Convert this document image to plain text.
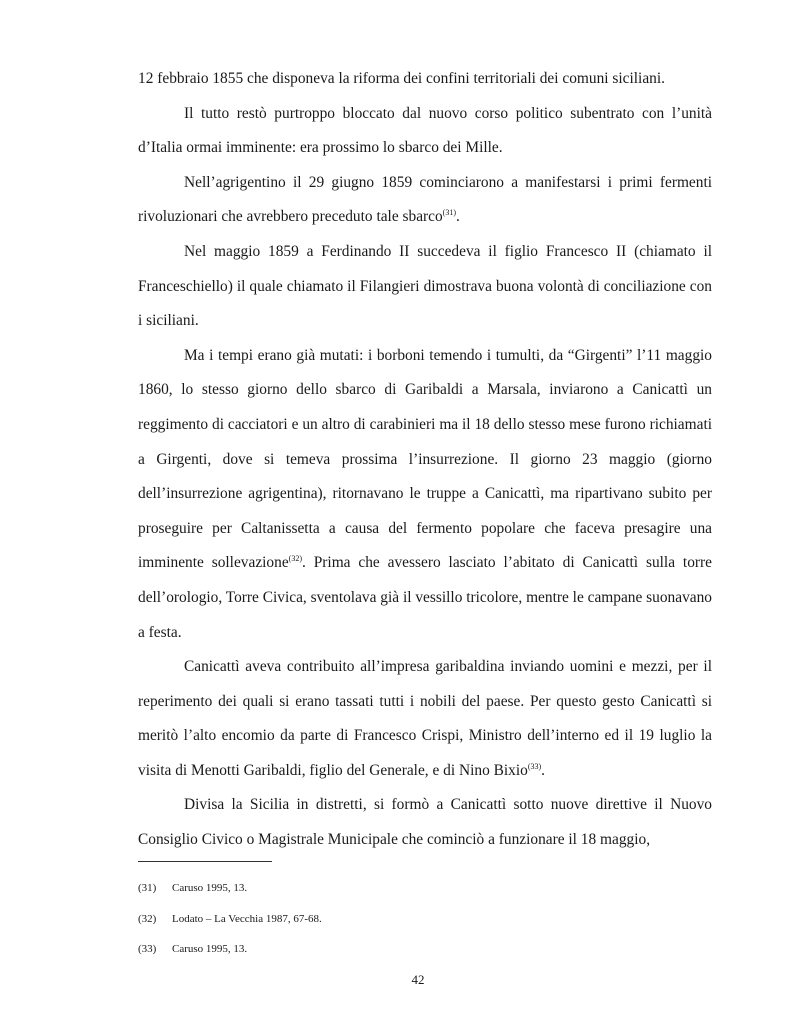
12 febbraio 1855 che disponeva la riforma dei confini territoriali dei comuni siciliani.

Il tutto restò purtroppo bloccato dal nuovo corso politico subentrato con l’unità d’Italia ormai imminente: era prossimo lo sbarco dei Mille.

Nell’agrigentino il 29 giugno 1859 cominciarono a manifestarsi i primi fermenti rivoluzionari che avrebbero preceduto tale sbarco$^{(31)}$.

Nel maggio 1859 a Ferdinando II succedeva il figlio Francesco II (chiamato il Franceschiello) il quale chiamato il Filangieri dimostrava buona volontà di conciliazione con i siciliani.

Ma i tempi erano già mutati: i borboni temendo i tumulti, da “Girgenti” l’11 maggio 1860, lo stesso giorno dello sbarco di Garibaldi a Marsala, inviarono a Canicattì un reggimento di cacciatori e un altro di carabinieri ma il 18 dello stesso mese furono richiamati a Girgenti, dove si temeva prossima l’insurrezione. Il giorno 23 maggio (giorno dell’insurrezione agrigentina), ritornavano le truppe a Canicattì, ma ripartivano subito per proseguire per Caltanissetta a causa del fermento popolare che faceva presagire una imminente sollevazione$^{(32)}$. Prima che avessero lasciato l’abitato di Canicattì sulla torre dell’orologio, Torre Civica, sventolava già il vessillo tricolore, mentre le campane suonavano a festa.

Canicattì aveva contribuito all’impresa garibaldina inviando uomini e mezzi, per il reperimento dei quali si erano tassati tutti i nobili del paese. Per questo gesto Canicattì si meritò l’alto encomio da parte di Francesco Crispi, Ministro dell’interno ed il 19 luglio la visita di Menotti Garibaldi, figlio del Generale, e di Nino Bixio$^{(33)}$.

Divisa la Sicilia in distretti, si formò a Canicattì sotto nuove direttive il Nuovo Consiglio Civico o Magistrale Municipale che cominciò a funzionare il 18 maggio,

(31) Caruso 1995, 13.

(32) Lodato – La Vecchia 1987, 67-68.

(33) Caruso 1995, 13.

42
